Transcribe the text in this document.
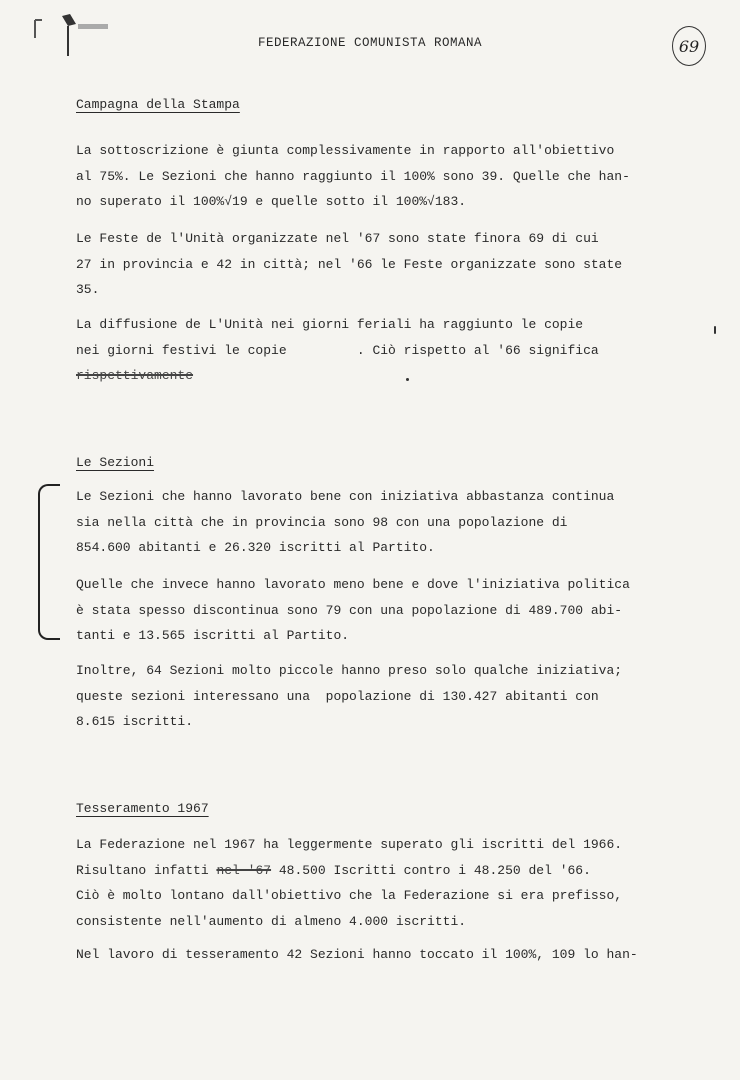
FEDERAZIONE COMUNISTA ROMANA	69
Campagna della Stampa
La sottoscrizione è giunta complessivamente in rapporto all'obiettivo
al 75%. Le Sezioni che hanno raggiunto il 100% sono 39. Quelle che han-
no superato il 100%√19 e quelle sotto il 100%√183.
Le Feste de l'Unità organizzate nel '67 sono state finora 69 di cui
27 in provincia e 42 in città; nel '66 le Feste organizzate sono state
35.
La diffusione de L'Unità nei giorni feriali ha raggiunto le copie
nei giorni festivi le copie         . Ciò rispetto al '66 significa
rispettivamente
Le Sezioni
Le Sezioni che hanno lavorato bene con iniziativa abbastanza continua
sia nella città che in provincia sono 98 con una popolazione di
854.600 abitanti e 26.320 iscritti al Partito.
Quelle che invece hanno lavorato meno bene e dove l'iniziativa politica
è stata spesso discontinua sono 79 con una popolazione di 489.700 abi-
tanti e 13.565 iscritti al Partito.
Inoltre, 64 Sezioni molto piccole hanno preso solo qualche iniziativa;
queste sezioni interessano una  popolazione di 130.427 abitanti con
8.615 iscritti.
Tesseramento 1967
La Federazione nel 1967 ha leggermente superato gli iscritti del 1966.
Risultano infatti nel '67 48.500 Iscritti contro i 48.250 del '66.
Ciò è molto lontano dall'obiettivo che la Federazione si era prefisso,
consistente nell'aumento di almeno 4.000 iscritti.
Nel lavoro di tesseramento 42 Sezioni hanno toccato il 100%, 109 lo han-
